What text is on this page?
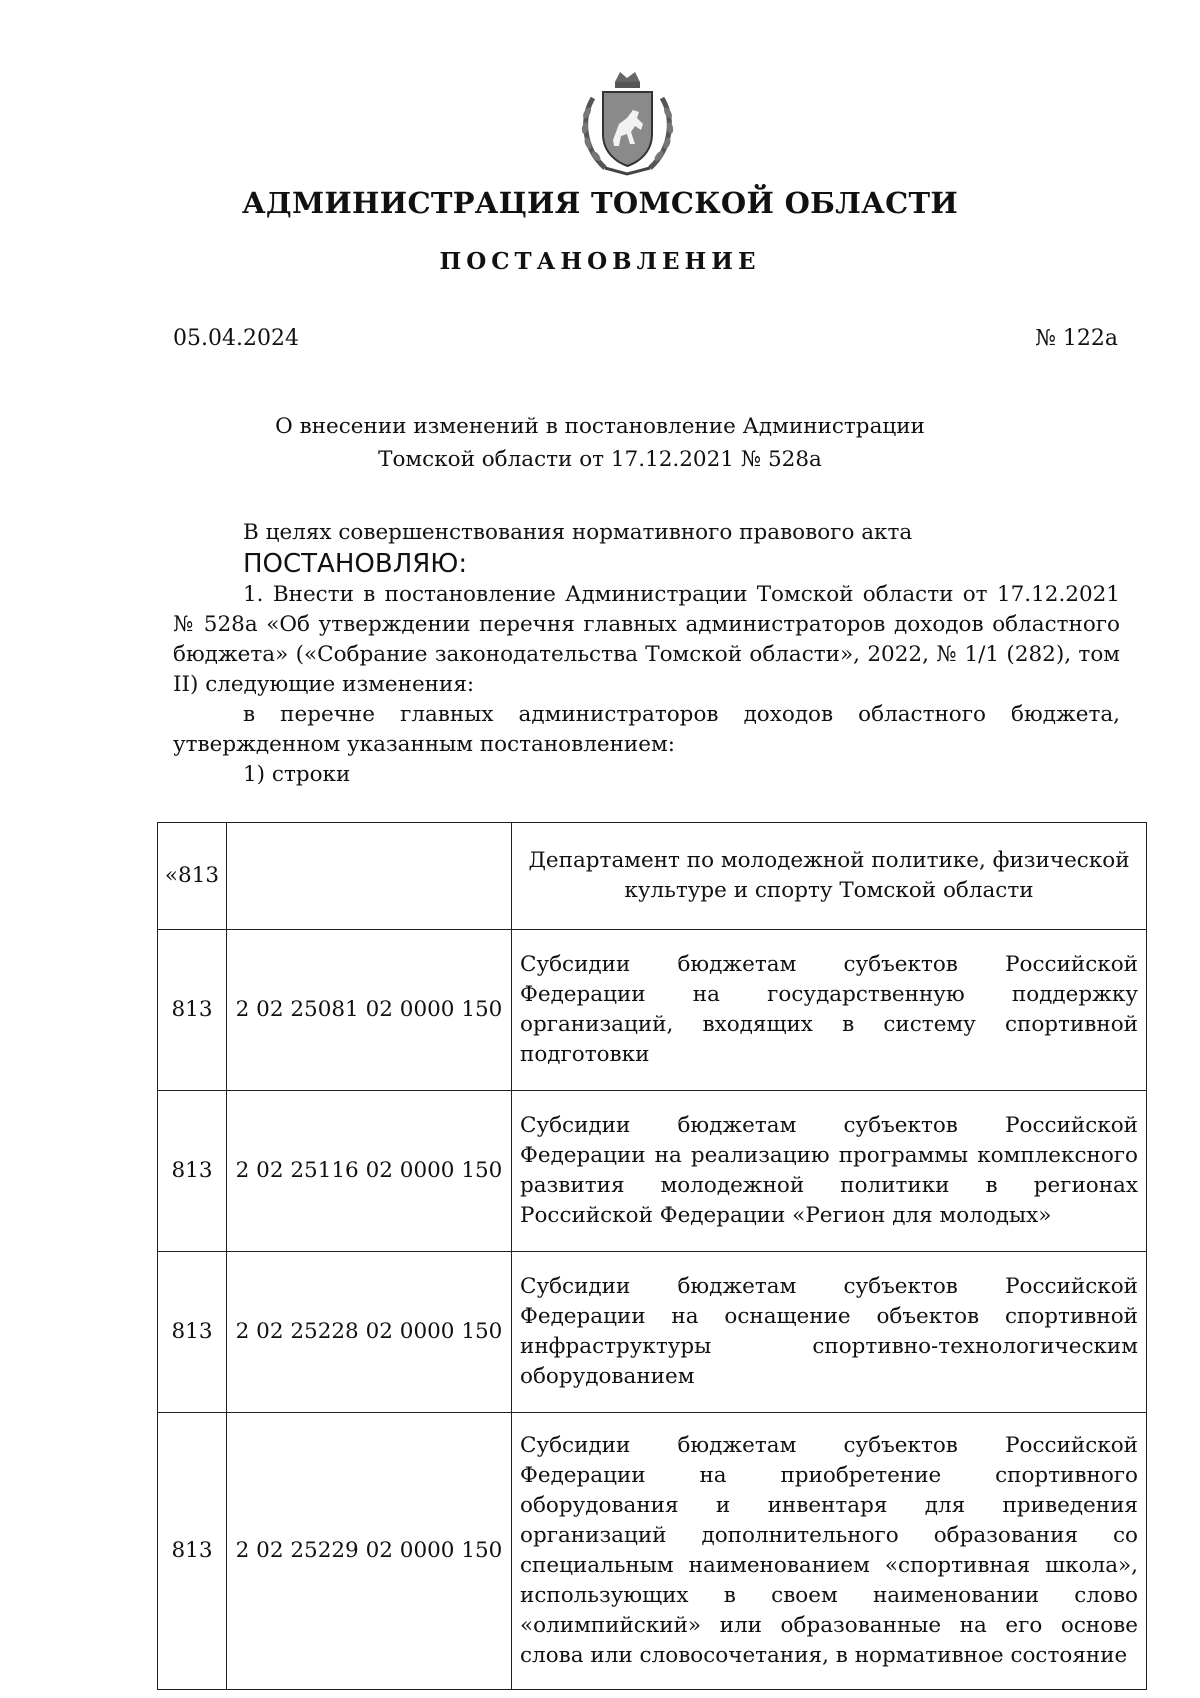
АДМИНИСТРАЦИЯ ТОМСКОЙ ОБЛАСТИ
ПОСТАНОВЛЕНИЕ
05.04.2024	№ 122а
О внесении изменений в постановление Администрации
Томской области от 17.12.2021 № 528а

В целях совершенствования нормативного правового акта

ПОСТАНОВЛЯЮ:

1. Внести в постановление Администрации Томской области от 17.12.2021 № 528а «Об утверждении перечня главных администраторов доходов областного бюджета» («Собрание законодательства Томской области», 2022, № 1/1 (282), том II) следующие изменения:

в перечне главных администраторов доходов областного бюджета, утвержденном указанным постановлением:

1) строки

«813		Департамент по молодежной политике, физической культуре и спорту Томской области
813	2 02 25081 02 0000 150	Субсидии бюджетам субъектов Российской Федерации на государственную поддержку организаций, входящих в систему спортивной подготовки
813	2 02 25116 02 0000 150	Субсидии бюджетам субъектов Российской Федерации на реализацию программы комплексного развития молодежной политики в регионах Российской Федерации «Регион для молодых»
813	2 02 25228 02 0000 150	Субсидии бюджетам субъектов Российской Федерации на оснащение объектов спортивной инфраструктуры спортивно-технологическим оборудованием
813	2 02 25229 02 0000 150	Субсидии бюджетам субъектов Российской Федерации на приобретение спортивного оборудования и инвентаря для приведения организаций дополнительного образования со специальным наименованием «спортивная школа», использующих в своем наименовании слово «олимпийский» или образованные на его основе слова или словосочетания, в нормативное состояние
